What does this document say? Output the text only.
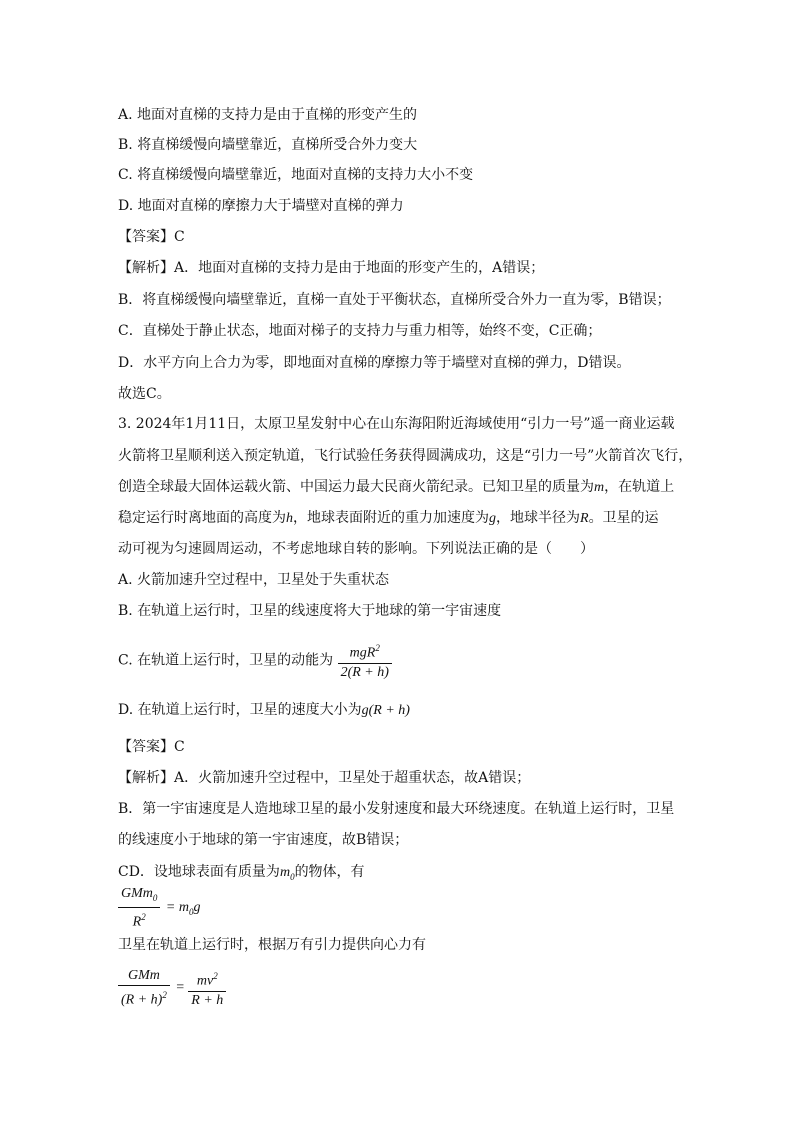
A. 地面对直梯的支持力是由于直梯的形变产生的
B. 将直梯缓慢向墙壁靠近，直梯所受合外力变大
C. 将直梯缓慢向墙壁靠近，地面对直梯的支持力大小不变
D. 地面对直梯的摩擦力大于墙壁对直梯的弹力
【答案】C
【解析】A．地面对直梯的支持力是由于地面的形变产生的，A错误；
B．将直梯缓慢向墙壁靠近，直梯一直处于平衡状态，直梯所受合外力一直为零，B错误；
C．直梯处于静止状态，地面对梯子的支持力与重力相等，始终不变，C正确；
D．水平方向上合力为零，即地面对直梯的摩擦力等于墙壁对直梯的弹力，D错误。
故选C。
3. 2024年1月11日，太原卫星发射中心在山东海阳附近海域使用“引力一号”遥一商业运载
火箭将卫星顺利送入预定轨道，飞行试验任务获得圆满成功，这是“引力一号”火箭首次飞行，
创造全球最大固体运载火箭、中国运力最大民商火箭纪录。已知卫星的质量为m，在轨道上
稳定运行时离地面的高度为h，地球表面附近的重力加速度为g，地球半径为R。卫星的运
动可视为匀速圆周运动，不考虑地球自转的影响。下列说法正确的是（　　）
A. 火箭加速升空过程中，卫星处于失重状态
B. 在轨道上运行时，卫星的线速度将大于地球的第一宇宙速度
C. 在轨道上运行时，卫星的动能为 $\frac{mgR^2}{2(R + h)}$
D. 在轨道上运行时，卫星的速度大小为g(R + h)
【答案】C
【解析】A．火箭加速升空过程中，卫星处于超重状态，故A错误；
B．第一宇宙速度是人造地球卫星的最小发射速度和最大环绕速度。在轨道上运行时，卫星
的线速度小于地球的第一宇宙速度，故B错误；
CD．设地球表面有质量为$m_0$的物体，有
$\frac{GMm_0}{R^2} = m_0g$
卫星在轨道上运行时，根据万有引力提供向心力有
$\frac{\text{GMm}}{(R + h)^2} = \frac{mv^2}{R + h}$
